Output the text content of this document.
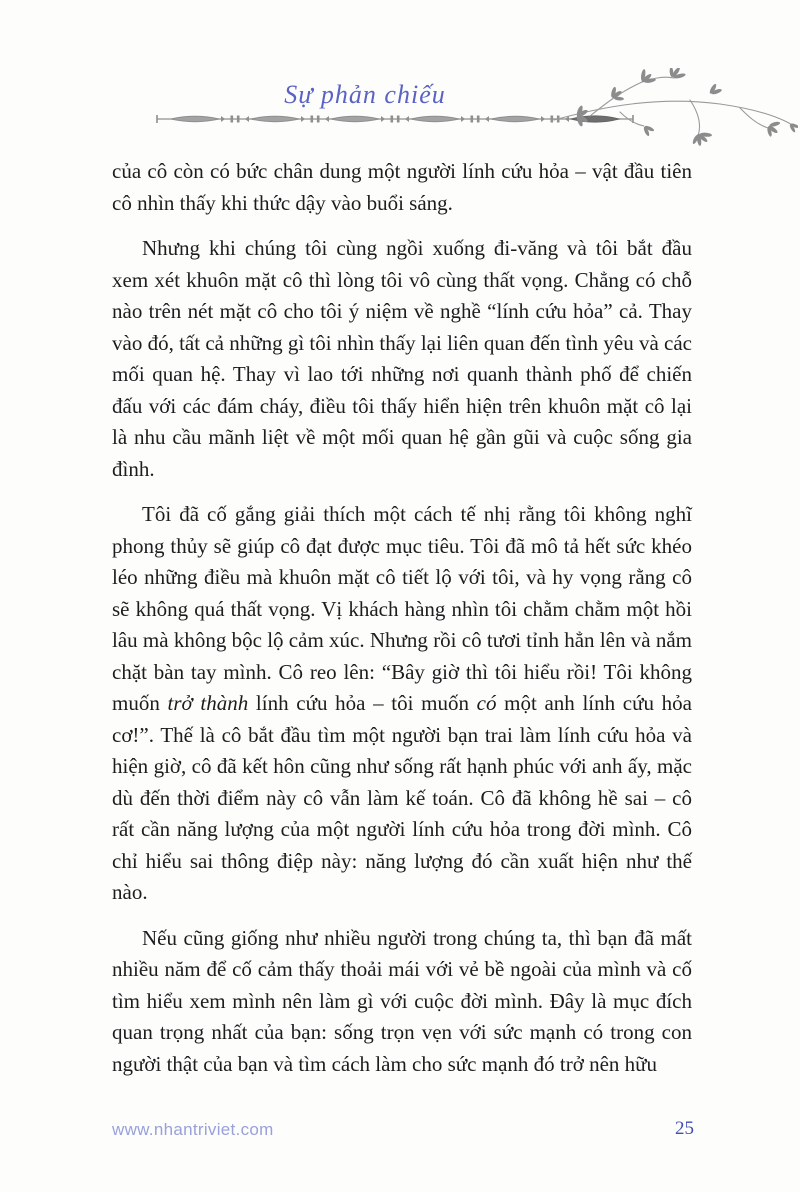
Sự phản chiếu

của cô còn có bức chân dung một người lính cứu hỏa – vật đầu tiên cô nhìn thấy khi thức dậy vào buổi sáng.

Nhưng khi chúng tôi cùng ngồi xuống đi-văng và tôi bắt đầu xem xét khuôn mặt cô thì lòng tôi vô cùng thất vọng. Chẳng có chỗ nào trên nét mặt cô cho tôi ý niệm về nghề “lính cứu hỏa” cả. Thay vào đó, tất cả những gì tôi nhìn thấy lại liên quan đến tình yêu và các mối quan hệ. Thay vì lao tới những nơi quanh thành phố để chiến đấu với các đám cháy, điều tôi thấy hiển hiện trên khuôn mặt cô lại là nhu cầu mãnh liệt về một mối quan hệ gần gũi và cuộc sống gia đình.

Tôi đã cố gắng giải thích một cách tế nhị rằng tôi không nghĩ phong thủy sẽ giúp cô đạt được mục tiêu. Tôi đã mô tả hết sức khéo léo những điều mà khuôn mặt cô tiết lộ với tôi, và hy vọng rằng cô sẽ không quá thất vọng. Vị khách hàng nhìn tôi chằm chằm một hồi lâu mà không bộc lộ cảm xúc. Nhưng rồi cô tươi tỉnh hẳn lên và nắm chặt bàn tay mình. Cô reo lên: “Bây giờ thì tôi hiểu rồi! Tôi không muốn trở thành lính cứu hỏa – tôi muốn có một anh lính cứu hỏa cơ!”. Thế là cô bắt đầu tìm một người bạn trai làm lính cứu hỏa và hiện giờ, cô đã kết hôn cũng như sống rất hạnh phúc với anh ấy, mặc dù đến thời điểm này cô vẫn làm kế toán. Cô đã không hề sai – cô rất cần năng lượng của một người lính cứu hỏa trong đời mình. Cô chỉ hiểu sai thông điệp này: năng lượng đó cần xuất hiện như thế nào.

Nếu cũng giống như nhiều người trong chúng ta, thì bạn đã mất nhiều năm để cố cảm thấy thoải mái với vẻ bề ngoài của mình và cố tìm hiểu xem mình nên làm gì với cuộc đời mình. Đây là mục đích quan trọng nhất của bạn: sống trọn vẹn với sức mạnh có trong con người thật của bạn và tìm cách làm cho sức mạnh đó trở nên hữu

www.nhantriviet.com	25
